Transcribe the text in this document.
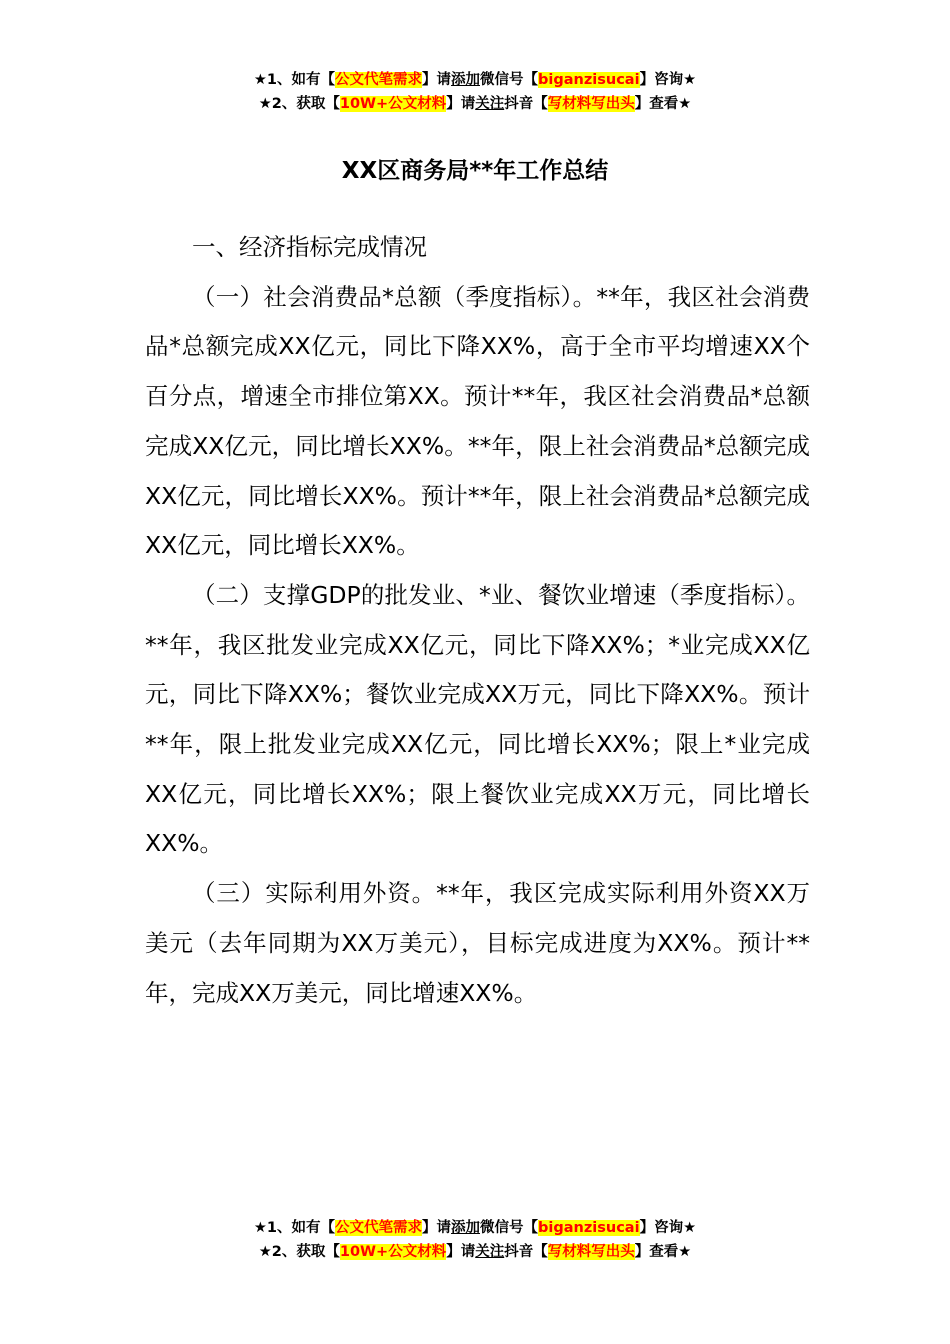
★1、如有【公文代笔需求】请添加微信号【biganzisucai】咨询★
★2、获取【10W+公文材料】请关注抖音【写材料写出头】查看★
XX区商务局**年工作总结

一、经济指标完成情况

（一）社会消费品*总额（季度指标）。**年，我区社会消费品*总额完成XX亿元，同比下降XX%，高于全市平均增速XX个百分点，增速全市排位第XX。预计**年，我区社会消费品*总额完成XX亿元，同比增长XX%。**年，限上社会消费品*总额完成XX亿元，同比增长XX%。预计**年，限上社会消费品*总额完成XX亿元，同比增长XX%。

（二）支撑GDP的批发业、*业、餐饮业增速（季度指标）。**年，我区批发业完成XX亿元，同比下降XX%；*业完成XX亿元，同比下降XX%；餐饮业完成XX万元，同比下降XX%。预计**年，限上批发业完成XX亿元，同比增长XX%；限上*业完成XX亿元，同比增长XX%；限上餐饮业完成XX万元，同比增长XX%。

（三）实际利用外资。**年，我区完成实际利用外资XX万美元（去年同期为XX万美元），目标完成进度为XX%。预计**年，完成XX万美元，同比增速XX%。

★1、如有【公文代笔需求】请添加微信号【biganzisucai】咨询★
★2、获取【10W+公文材料】请关注抖音【写材料写出头】查看★
